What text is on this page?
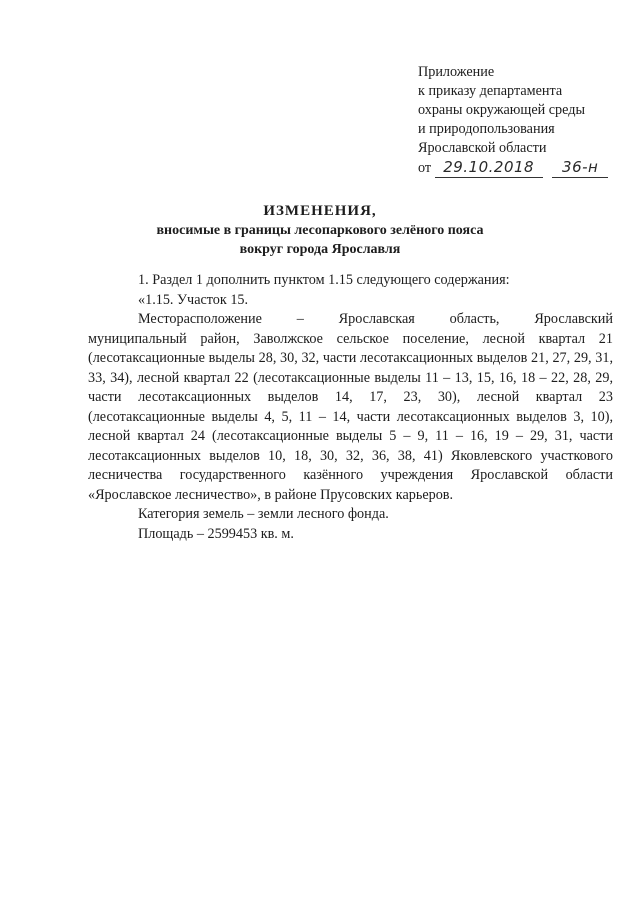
Приложение
к приказу департамента
охраны окружающей среды
и природопользования
Ярославской области
от 29.10.2018 36-н
ИЗМЕНЕНИЯ,
вносимые в границы лесопаркового зелёного пояса
вокруг города Ярославля

1. Раздел 1 дополнить пунктом 1.15 следующего содержания:

«1.15. Участок 15.

Месторасположение – Ярославская область, Ярославский

муниципальный район, Заволжское сельское поселение, лесной квартал 21 (лесотаксационные выделы 28, 30, 32, части лесотаксационных выделов 21, 27, 29, 31, 33, 34), лесной квартал 22 (лесотаксационные выделы 11 – 13, 15, 16, 18 – 22, 28, 29, части лесотаксационных выделов 14, 17, 23, 30), лесной квартал 23 (лесотаксационные выделы 4, 5, 11 – 14, части лесотаксационных выделов 3, 10), лесной квартал 24 (лесотаксационные выделы 5 – 9, 11 – 16, 19 – 29, 31, части лесотаксационных выделов 10, 18, 30, 32, 36, 38, 41) Яковлевского участкового лесничества государственного казённого учреждения Ярославской области «Ярославское лесничество», в районе Прусовских карьеров.

Категория земель – земли лесного фонда.

Площадь – 2599453 кв. м.
